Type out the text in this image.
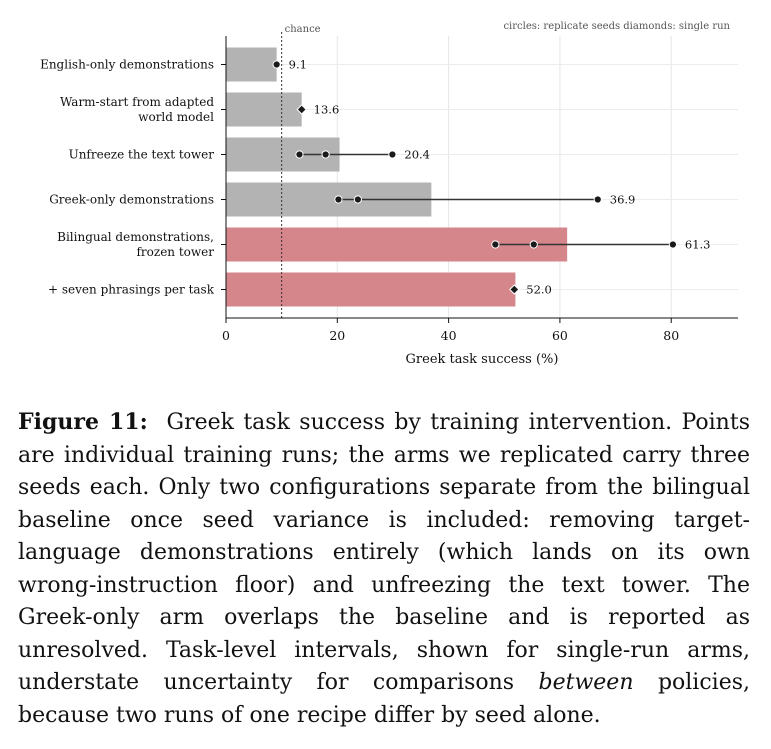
chance	circles: replicate seeds diamonds: single run
9.1
13.6
20.4
36.9
61.3
52.0
0	20	40	60	80
English-only demonstrations
Warm-start from adapted
world model
Unfreeze the text tower
Greek-only demonstrations
Bilingual demonstrations,
frozen tower
+ seven phrasings per task
Greek task success (%)

Figure 11: Greek task success by training intervention. Points are individual training runs; the arms we replicated carry three seeds each. Only two configurations separate from the bilingual baseline once seed variance is included: removing target-language demonstrations entirely (which lands on its own wrong-instruction floor) and unfreezing the text tower. The Greek-only arm overlaps the baseline and is reported as unresolved. Task-level intervals, shown for single-run arms, understate uncertainty for comparisons between policies, because two runs of one recipe differ by seed alone.
